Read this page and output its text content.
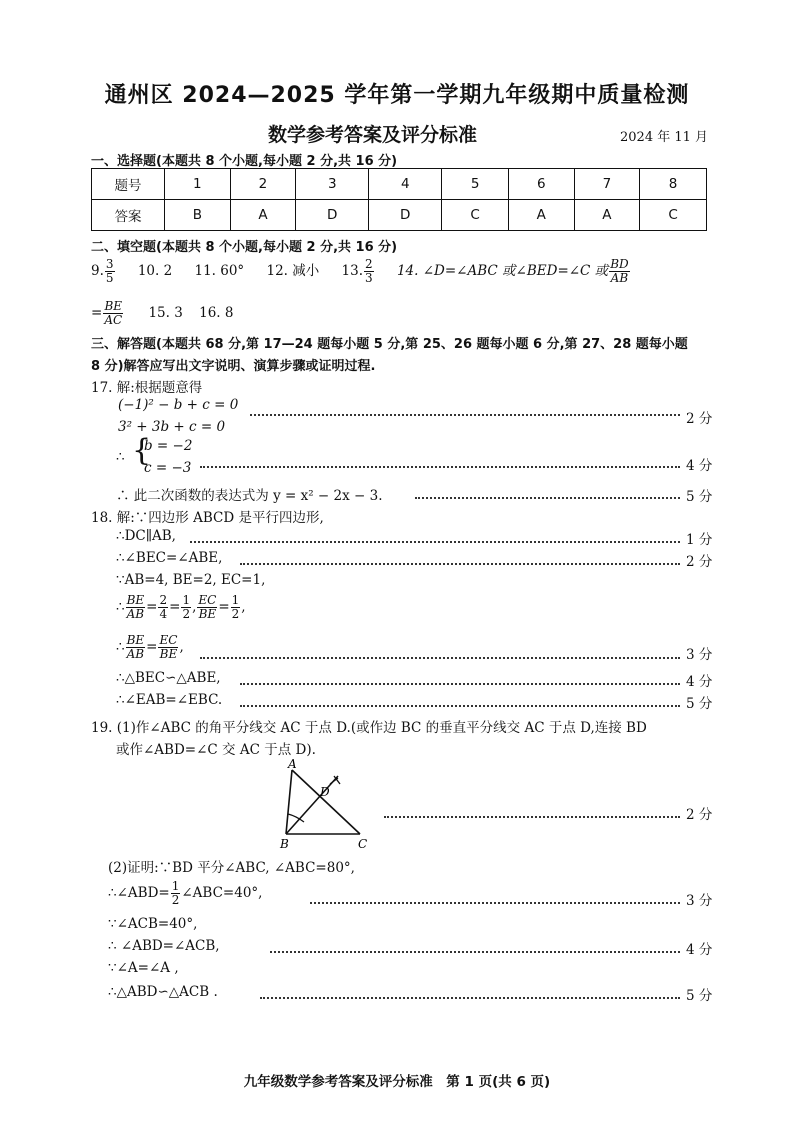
通州区 2024—2025 学年第一学期九年级期中质量检测
数学参考答案及评分标准	2024 年 11 月
一、选择题(本题共 8 个小题,每小题 2 分,共 16 分)
题号	1	2	3	4	5	6	7	8
答案	B	A	D	D	C	A	A	C
二、填空题(本题共 8 个小题,每小题 2 分,共 16 分)
9. $\frac{3}{5} 10$. 2 11. 60° 12. 减小 13. $\frac{2}{3} 14$. ∠D=∠ABC 或∠BED=∠C 或 $\frac{BD}{AB}$
= $\frac{BE}{AC} 15$. 3 16. 8
三、解答题(本题共 68 分,第 17—24 题每小题 5 分,第 25、26 题每小题 6 分,第 27、28 题每小题
8 分)解答应写出文字说明、演算步骤或证明过程.
17. 解:根据题意得
(−1)² − b + c = 0
2 分
3² + 3b + c = 0
∴ {
b = −2
c = −3	4 分
∴ 此二次函数的表达式为 y = x² − 2x − 3.	5 分
18. 解:∵四边形 ABCD 是平行四边形,
∴DC∥AB,	1 分
∴∠BEC=∠ABE,	2 分
∵AB=4, BE=2, EC=1,
∴ $\frac{BE}{AB} = \frac{2}{4} = \frac{1}{2}$ , $\frac{EC}{BE} = \frac{1}{2}$ ,
∴ $\frac{BE}{AB} = \frac{EC}{BE}$ ,	3 分
∴△BEC∽△ABE,	4 分
∴∠EAB=∠EBC.	5 分
19. (1)作∠ABC 的角平分线交 AC 于点 D.(或作边 BC 的垂直平分线交 AC 于点 D,连接 BD
或作∠ABD=∠C 交 AC 于点 D).
A
D
B	C
2 分
(2)证明:∵BD 平分∠ABC, ∠ABC=80°,
∴∠ABD= $\frac{1}{2}$ ∠ABC=40°,	3 分
∵∠ACB=40°,
∴ ∠ABD=∠ACB,	4 分
∵∠A=∠A ,
∴△ABD∽△ACB .	5 分
九年级数学参考答案及评分标准　第 1 页(共 6 页)
